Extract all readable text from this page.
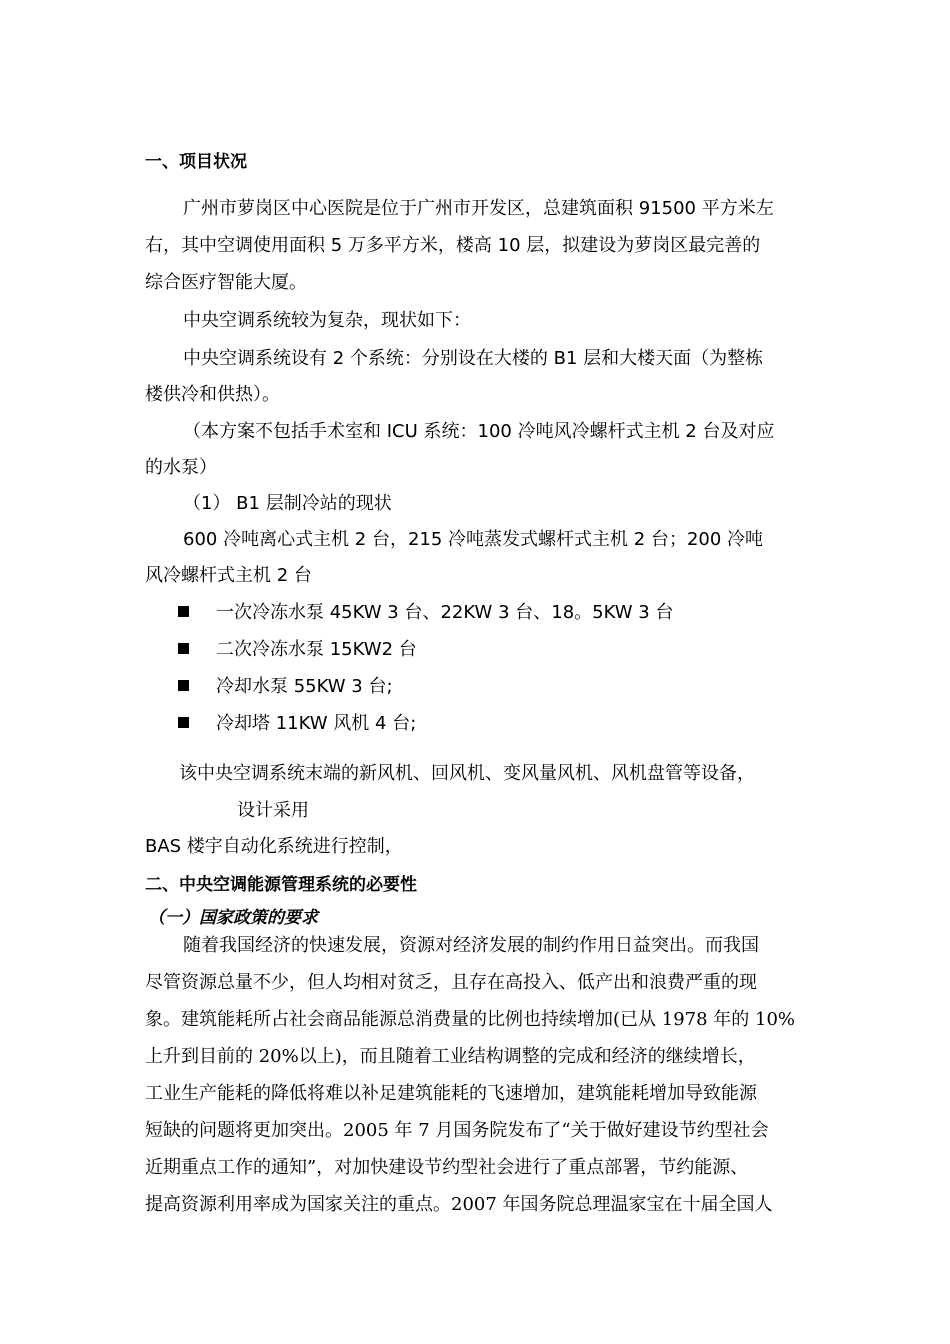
一、项目状况
广州市萝岗区中心医院是位于广州市开发区，总建筑面积 91500 平方米左
右，其中空调使用面积 5 万多平方米，楼高 10 层，拟建设为萝岗区最完善的
综合医疗智能大厦。
中央空调系统较为复杂，现状如下：
中央空调系统设有 2 个系统：分别设在大楼的 B1 层和大楼天面（为整栋
楼供冷和供热）。
（本方案不包括手术室和 ICU 系统：100 冷吨风冷螺杆式主机 2 台及对应
的水泵）
（1） B1 层制冷站的现状
600 冷吨离心式主机 2 台，215 冷吨蒸发式螺杆式主机 2 台；200 冷吨
风冷螺杆式主机 2 台
一次冷冻水泵 45KW 3 台、22KW 3 台、18。5KW 3 台
二次冷冻水泵 15KW2 台
冷却水泵 55KW 3 台;
冷却塔 11KW 风机 4 台;
该中央空调系统末端的新风机、回风机、变风量风机、风机盘管等设备，
设计采用
BAS 楼宇自动化系统进行控制，
二、中央空调能源管理系统的必要性
（一）国家政策的要求
随着我国经济的快速发展，资源对经济发展的制约作用日益突出。而我国
尽管资源总量不少，但人均相对贫乏，且存在高投入、低产出和浪费严重的现
象。建筑能耗所占社会商品能源总消费量的比例也持续增加(已从 1978 年的 10%
上升到目前的 20%以上)，而且随着工业结构调整的完成和经济的继续增长，
工业生产能耗的降低将难以补足建筑能耗的飞速增加，建筑能耗增加导致能源
短缺的问题将更加突出。2005 年 7 月国务院发布了“关于做好建设节约型社会
近期重点工作的通知”，对加快建设节约型社会进行了重点部署，节约能源、
提高资源利用率成为国家关注的重点。2007 年国务院总理温家宝在十届全国人
